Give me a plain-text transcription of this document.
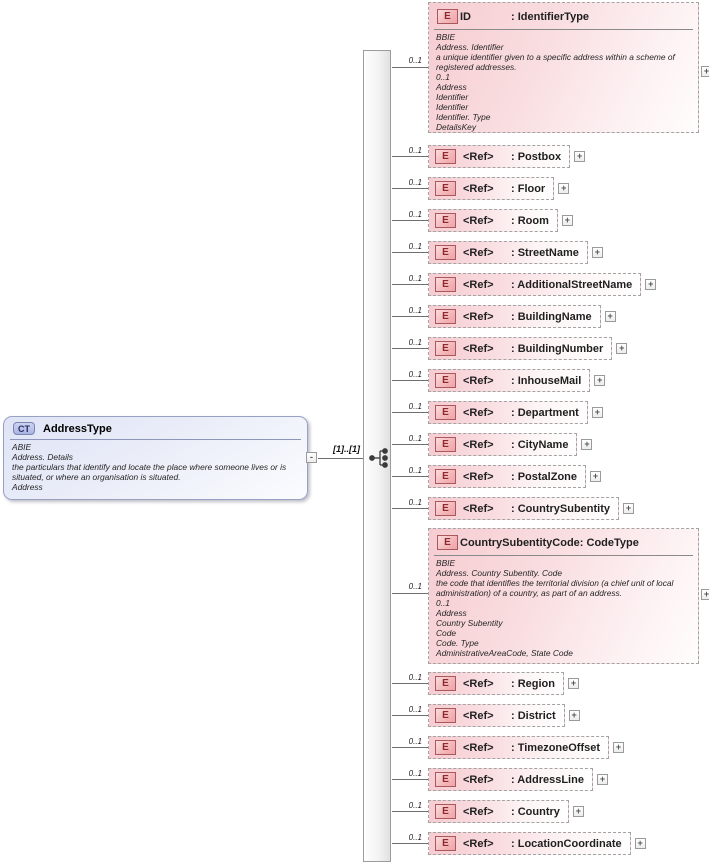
CT	AddressType
ABIE
Address. Details
the particulars that identify and locate the place where someone lives or is
situated, or where an organisation is situated.
Address
-
[1]..[1]
0..1
E ID	: IdentifierType
BBIE
Address. Identifier
a unique identifier given to a specific address within a scheme of
registered addresses.
0..1
Address
Identifier
Identifier
Identifier. Type
DetailsKey
+
0..1
E	<Ref>	: Postbox	+
0..1
E	<Ref>	: Floor	+
0..1
E	<Ref>	: Room	+
0..1
E	<Ref>	: StreetName	+
0..1
E	<Ref>	: AdditionalStreetName	+
0..1
E	<Ref>	: BuildingName	+
0..1
E	<Ref>	: BuildingNumber	+
0..1
E	<Ref>	: InhouseMail	+
0..1
E	<Ref>	: Department	+
0..1
E	<Ref>	: CityName	+
0..1
E	<Ref>	: PostalZone	+
0..1
E	<Ref>	: CountrySubentity	+
0..1
E CountrySubentityCode : CodeType
BBIE
Address. Country Subentity. Code
the code that identifies the territorial division (a chief unit of local
administration) of a country, as part of an address.
0..1
Address
Country Subentity
Code
Code. Type
AdministrativeAreaCode, State Code
+
0..1
E	<Ref>	: Region	+
0..1
E	<Ref>	: District	+
0..1
E	<Ref>	: TimezoneOffset	+
0..1
E	<Ref>	: AddressLine	+
0..1
E	<Ref>	: Country	+
0..1
E	<Ref>	: LocationCoordinate	+
